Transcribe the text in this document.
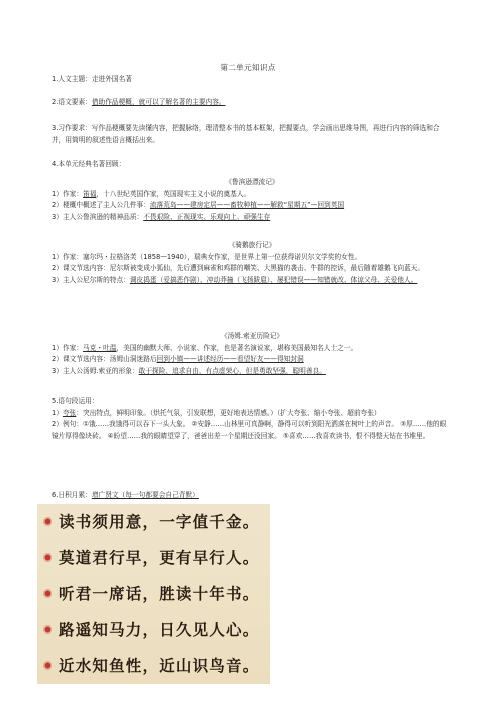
第二单元知识点

1.人文主题：走进外国名著

2.语文要素：借助作品梗概，就可以了解名著的主要内容。

3.习作要求：写作品梗概要先读懂内容，把握脉络，理清整本书的基本框架，把握要点，学会画出思维导图，再进行内容的筛选和合并，用简明的叙述性语言概括出来。

4.本单元经典名著回顾：

《鲁滨逊漂流记》

1）作家：笛福，十八世纪英国作家，英国现实主义小说的奠基人。

2）梗概中概述了主人公几件事：流落荒岛——建房定居——畜牧种植——解救“星期五”—回到英国

3）主人公鲁滨逊的精神品质：不畏艰险、正视现实、乐观向上、顽强生存

《骑鹅旅行记》

1）作家：塞尔玛・拉格洛芙（1858—1940），瑞典女作家，是世界上第一位获得诺贝尔文学奖的女性。

2）课文节选内容：尼尔斯被变成小狐仙，先后遭到麻雀和鸡群的嘲笑、大黑猫的袭击、牛群的控诉，最后随着雄鹅飞向蓝天。

3）主人公尼尔斯的特点：调皮捣蛋（爱搞恶作剧）、冲动莽撞（飞扬跋扈）、屡犯错误——知错就改、体谅父母、关爱他人。

《汤姆.索亚历险记》

1）作家：马克・吐温，美国的幽默大师、小说家、作家，也是著名演说家，堪称美国最知名人士之一。

2）课文节选内容：汤姆山洞迷路后回到小镇——讲述经历——看望好友——得知封洞

3）主人公汤姆.索亚的形象：敢于探险、追求自由，有点虚荣心，但是勇敢坚强，聪明善良。

5.语句段运用：

1）夸张：突出特点，鲜明印象。（烘托气氛，引发联想，更好地表达情感。）（扩大夸张、缩小夸张、超前夸张）

2）例句：①饿……我饿得可以吞下一头大象。 ②安静……山林里可真静啊，静得可以听到阳光洒落在树叶上的声音。 ③厚……他的眼镜片厚得像块砖。 ④盼望……我的眼睛望穿了，爸爸出差一个星期还没回家。 ⑤喜欢……我喜欢读书，恨不得整天钻在书堆里。

6.日积月累：增广贤文（每一句都要会自己背默）

读书须用意，一字值千金。
莫道君行早，更有早行人。
听君一席话，胜读十年书。
路遥知马力，日久见人心。
近水知鱼性，近山识鸟音。
